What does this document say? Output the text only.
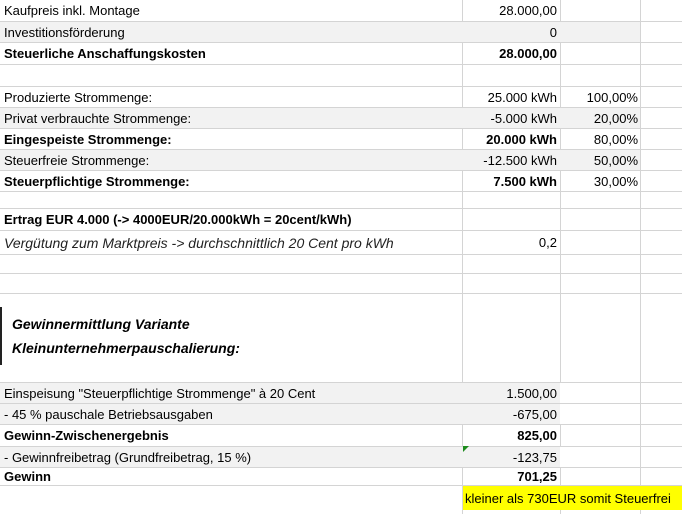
Kaufpreis inkl. Montage	28.000,00
Investitionsförderung	0
Steuerliche Anschaffungskosten	28.000,00
Produzierte Strommenge:	25.000 kWh	100,00%
Privat verbrauchte Strommenge:	-5.000 kWh	20,00%
Eingespeiste Strommenge:	20.000 kWh	80,00%
Steuerfreie Strommenge:	-12.500 kWh	50,00%
Steuerpflichtige Strommenge:	7.500 kWh	30,00%
Ertrag EUR 4.000 (-> 4000EUR/20.000kWh = 20cent/kWh)
Vergütung zum Marktpreis -> durchschnittlich 20 Cent pro kWh	0,2
Gewinnermittlung Variante
Kleinunternehmerpauschalierung:
Einspeisung "Steuerpflichtige Strommenge" à 20 Cent	1.500,00
- 45 % pauschale Betriebsausgaben	-675,00
Gewinn-Zwischenergebnis	825,00
- Gewinnfreibetrag (Grundfreibetrag, 15 %)	-123,75
Gewinn	701,25
kleiner als 730EUR somit Steuerfrei
